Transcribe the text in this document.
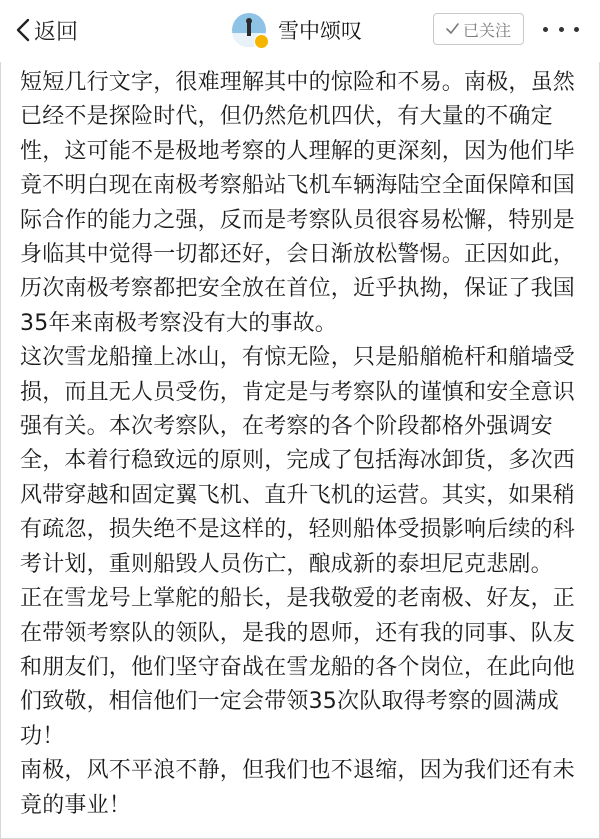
返回	雪中颂叹	已关注

短短几行文字，很难理解其中的惊险和不易。南极，虽然已经不是探险时代，但仍然危机四伏，有大量的不确定性，这可能不是极地考察的人理解的更深刻，因为他们毕竟不明白现在南极考察船站飞机车辆海陆空全面保障和国际合作的能力之强，反而是考察队员很容易松懈，特别是身临其中觉得一切都还好，会日渐放松警惕。正因如此，历次南极考察都把安全放在首位，近乎执拗，保证了我国35年来南极考察没有大的事故。

这次雪龙船撞上冰山，有惊无险，只是船艏桅杆和艏墙受损，而且无人员受伤，肯定是与考察队的谨慎和安全意识强有关。本次考察队，在考察的各个阶段都格外强调安全，本着行稳致远的原则，完成了包括海冰卸货，多次西风带穿越和固定翼飞机、直升飞机的运营。其实，如果稍有疏忽，损失绝不是这样的，轻则船体受损影响后续的科考计划，重则船毁人员伤亡，酿成新的泰坦尼克悲剧。

正在雪龙号上掌舵的船长，是我敬爱的老南极、好友，正在带领考察队的领队，是我的恩师，还有我的同事、队友和朋友们，他们坚守奋战在雪龙船的各个岗位，在此向他们致敬，相信他们一定会带领35次队取得考察的圆满成功！

南极，风不平浪不静，但我们也不退缩，因为我们还有未竟的事业！
